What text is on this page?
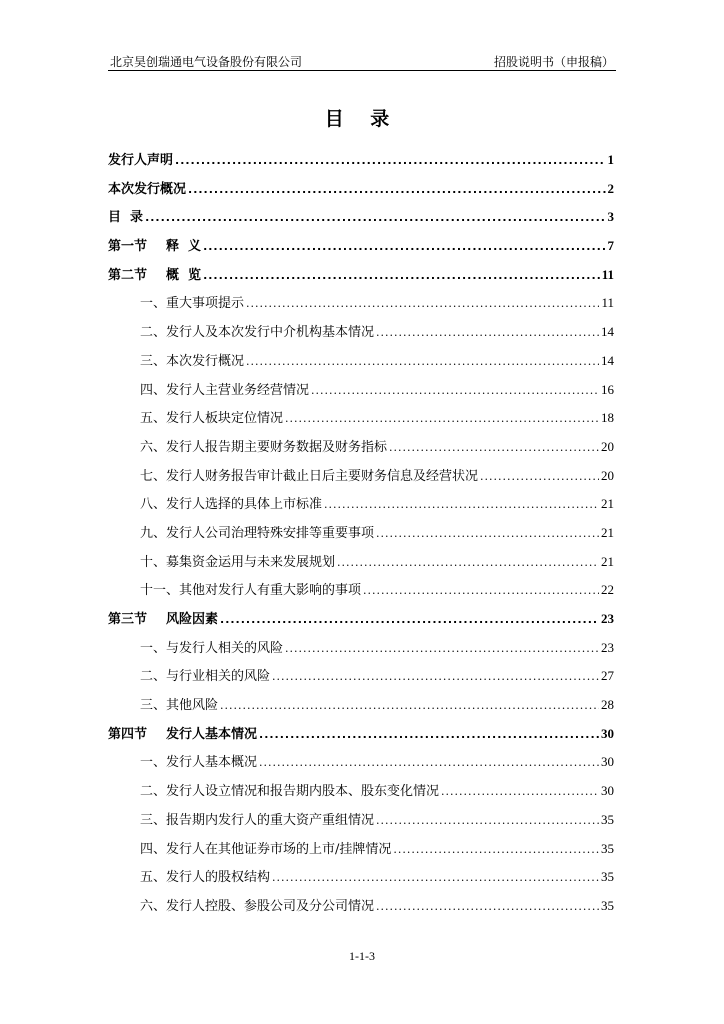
北京昊创瑞通电气设备股份有限公司	招股说明书（申报稿）
目 录
发行人声明 .....	1
本次发行概况 .....	2
目  录 .....	3
第一节 释  义 .....	7
第二节 概  览 .....	11
一、重大事项提示 .....	11
二、发行人及本次发行中介机构基本情况 .....	14
三、本次发行概况 .....	14
四、发行人主营业务经营情况 .....	16
五、发行人板块定位情况 .....	18
六、发行人报告期主要财务数据及财务指标 .....	20
七、发行人财务报告审计截止日后主要财务信息及经营状况 .....	20
八、发行人选择的具体上市标准 .....	21
九、发行人公司治理特殊安排等重要事项 .....	21
十、募集资金运用与未来发展规划 .....	21
十一、其他对发行人有重大影响的事项 .....	22
第三节 风险因素 .....	23
一、与发行人相关的风险 .....	23
二、与行业相关的风险 .....	27
三、其他风险 .....	28
第四节 发行人基本情况 .....	30
一、发行人基本概况 .....	30
二、发行人设立情况和报告期内股本、股东变化情况 .....	30
三、报告期内发行人的重大资产重组情况 .....	35
四、发行人在其他证券市场的上市/挂牌情况 .....	35
五、发行人的股权结构 .....	35
六、发行人控股、参股公司及分公司情况 .....	35
1-1-3
